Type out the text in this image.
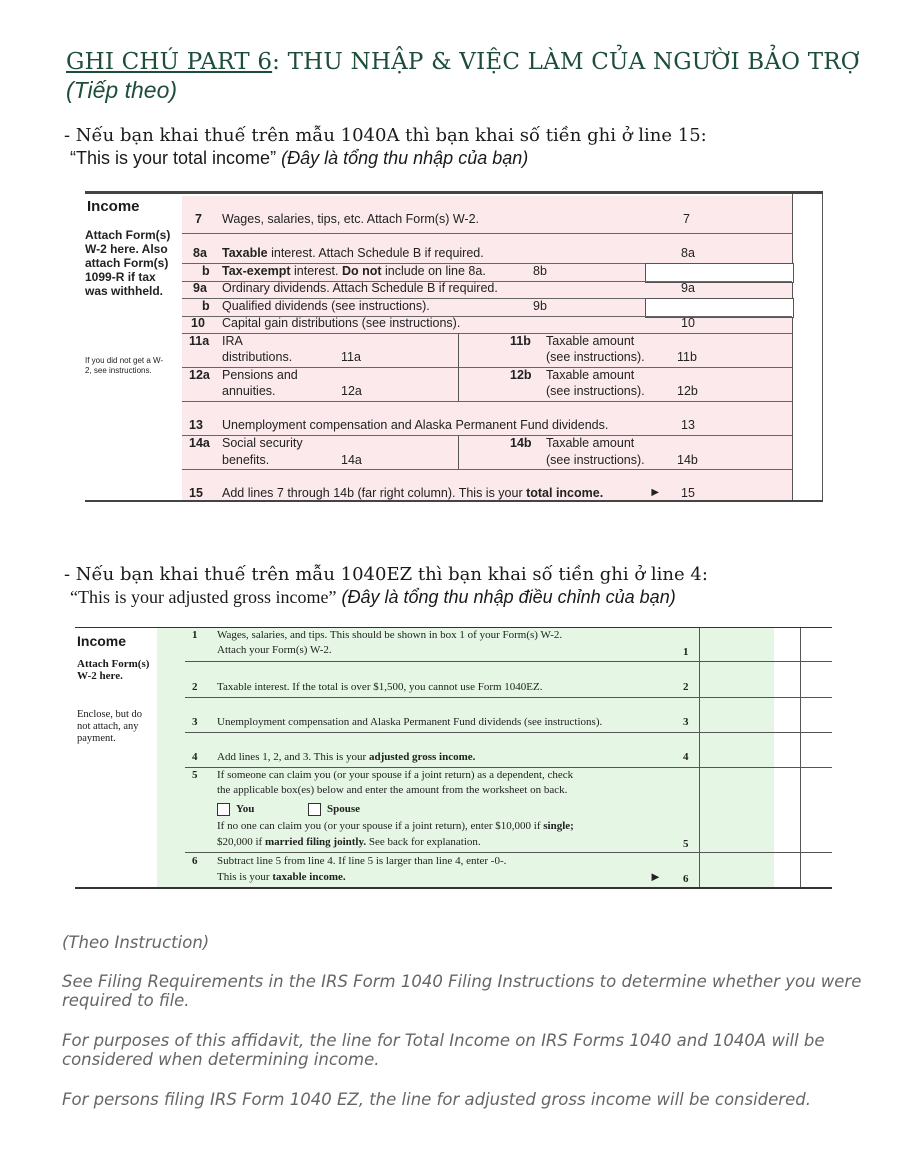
GHI CHÚ PART 6: THU NHẬP & VIỆC LÀM CỦA NGƯỜI BẢO TRỢ
(Tiếp theo)
- Nếu bạn khai thuế trên mẫu 1040A thì bạn khai số tiền ghi ở line 15:
“This is your total income” (Đây là tổng thu nhập của bạn)
Income
Attach Form(s) W-2 here. Also attach Form(s) 1099-R if tax was withheld.
If you did not get a W-2, see instructions.
7 Wages, salaries, tips, etc. Attach Form(s) W-2.	7
8a Taxable interest. Attach Schedule B if required.	8a
b Tax-exempt interest. Do not include on line 8a.	8b
9a Ordinary dividends. Attach Schedule B if required.	9a
b Qualified dividends (see instructions).	9b
10 Capital gain distributions (see instructions).	10
11a IRA
distributions.	11a
11b Taxable amount
(see instructions).	11b
12a Pensions and
annuities.	12a
12b Taxable amount
(see instructions).	12b
13 Unemployment compensation and Alaska Permanent Fund dividends.	13
14a Social security
benefits.	14a
14b Taxable amount
(see instructions).	14b
15 Add lines 7 through 14b (far right column). This is your total income.	► 15
- Nếu bạn khai thuế trên mẫu 1040EZ thì bạn khai số tiền ghi ở line 4:
“This is your adjusted gross income” (Đây là tổng thu nhập điều chỉnh của bạn)
Income
Attach Form(s) W-2 here.
Enclose, but do not attach, any payment.
1 Wages, salaries, and tips. This should be shown in box 1 of your Form(s) W-2.
Attach your Form(s) W-2.	1
2 Taxable interest. If the total is over $1,500, you cannot use Form 1040EZ.	2
3 Unemployment compensation and Alaska Permanent Fund dividends (see instructions).	3
4 Add lines 1, 2, and 3. This is your adjusted gross income.	4
5 If someone can claim you (or your spouse if a joint return) as a dependent, check
the applicable box(es) below and enter the amount from the worksheet on back.
You	Spouse
If no one can claim you (or your spouse if a joint return), enter $10,000 if single;
$20,000 if married filing jointly. See back for explanation.	5
6 Subtract line 5 from line 4. If line 5 is larger than line 4, enter -0-.
This is your taxable income.	► 6
(Theo Instruction)
See Filing Requirements in the IRS Form 1040 Filing Instructions to determine whether you were required to file.
For purposes of this affidavit, the line for Total Income on IRS Forms 1040 and 1040A will be considered when determining income.
For persons filing IRS Form 1040 EZ, the line for adjusted gross income will be considered.
